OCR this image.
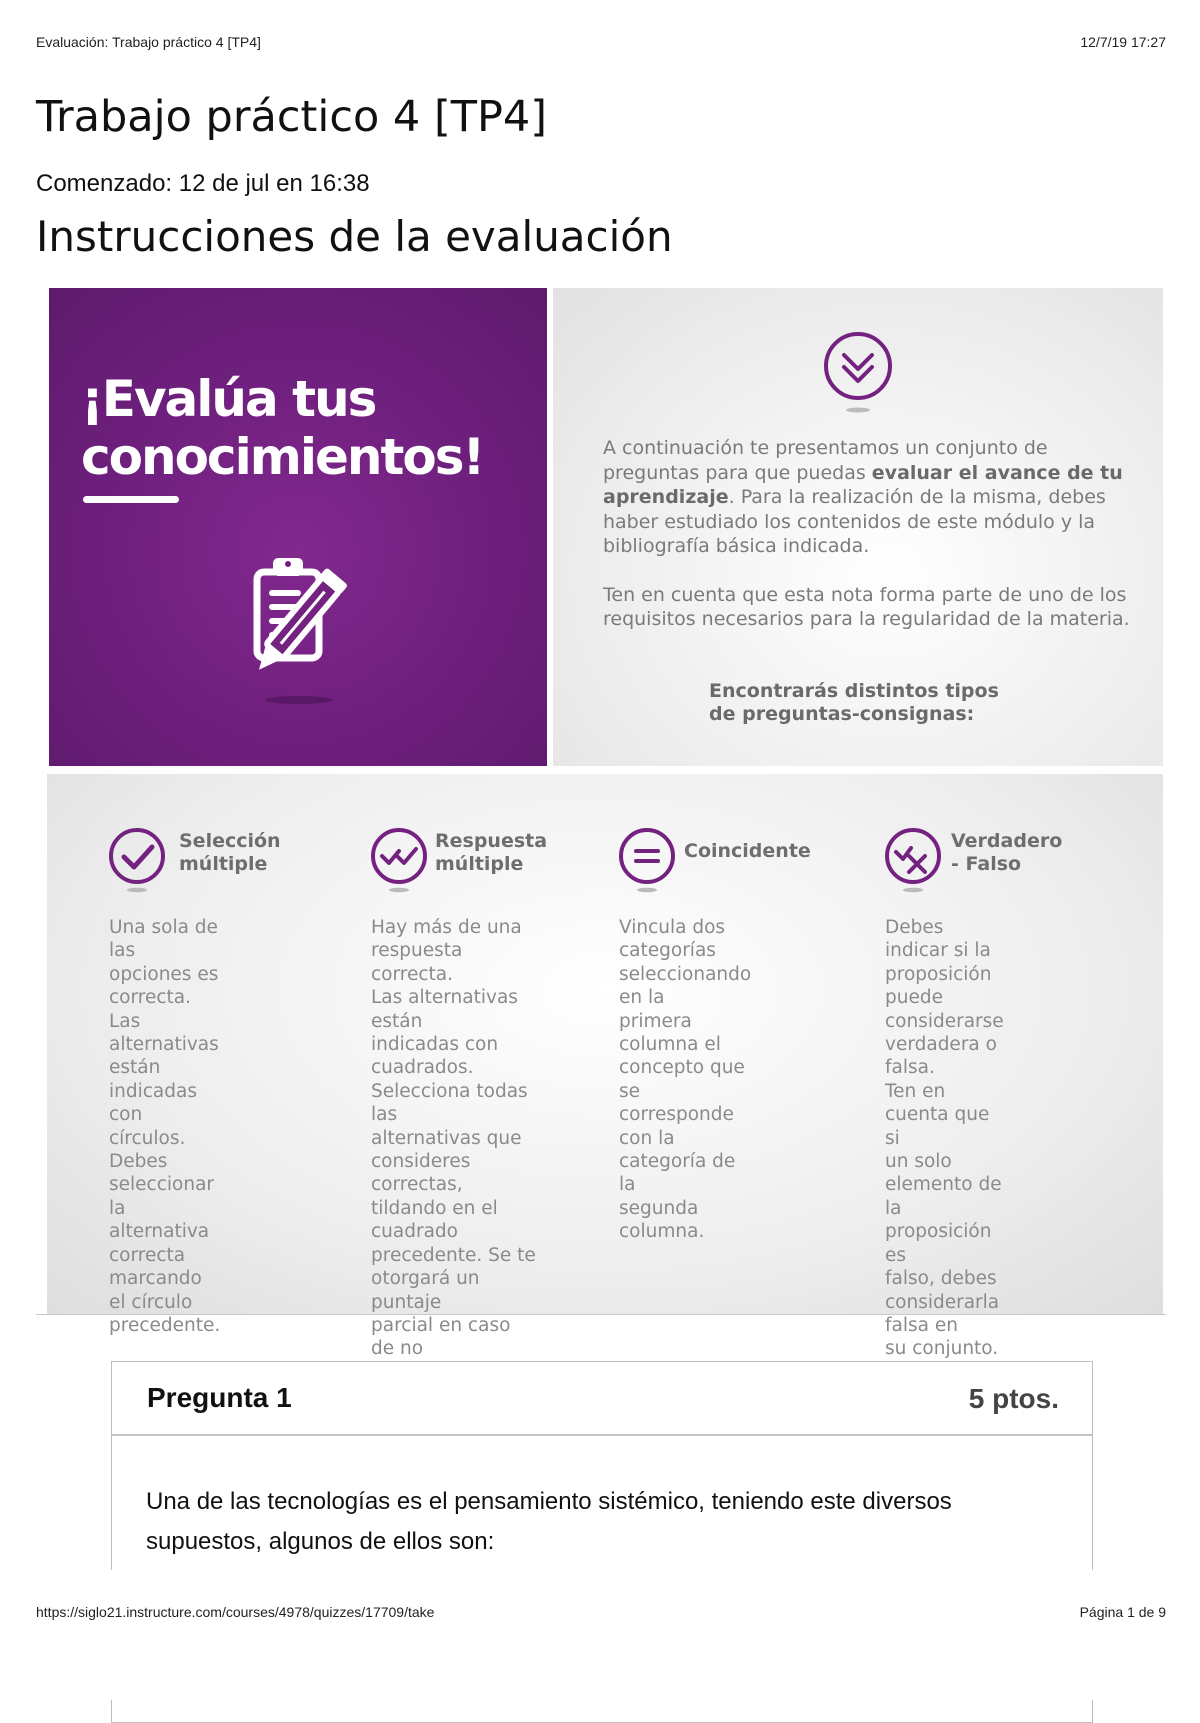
Evaluación: Trabajo práctico 4 [TP4]	12/7/19 17:27
Trabajo práctico 4 [TP4]
Comenzado: 12 de jul en 16:38
Instrucciones de la evaluación
¡Evalúa tus
conocimientos!	A continuación te presentamos un conjunto de preguntas para que puedas evaluar el avance de tu aprendizaje. Para la realización de la misma, debes haber estudiado los contenidos de este módulo y la bibliografía básica indicada.

Ten en cuenta que esta nota forma parte de uno de los requisitos necesarios para la regularidad de la materia.

Encontrarás distintos tipos
de preguntas-consignas:
Selección
múltiple
Una sola de las
opciones es correcta.
Las alternativas están
indicadas con círculos.
Debes seleccionar la
alternativa correcta
marcando el círculo
precedente.
Respuesta
múltiple
Hay más de una
respuesta correcta.
Las alternativas están
indicadas con
cuadrados.
Selecciona todas las
alternativas que
consideres correctas,
tildando en el
cuadrado
precedente. Se te
otorgará un puntaje
parcial en caso de no
Coincidente
Vincula dos categorías
seleccionando en la
primera columna el
concepto que se
corresponde con la
categoría de la
segunda columna.
Verdadero
- Falso
Debes indicar si la
proposición puede
considerarse
verdadera o falsa.
Ten en cuenta que si
un solo elemento de
la proposición es
falso, debes
considerarla falsa en
su conjunto.
Pregunta 1	5 ptos.
Una de las tecnologías es el pensamiento sistémico, teniendo este diversos
supuestos, algunos de ellos son:
https://siglo21.instructure.com/courses/4978/quizzes/17709/take	Página 1 de 9
